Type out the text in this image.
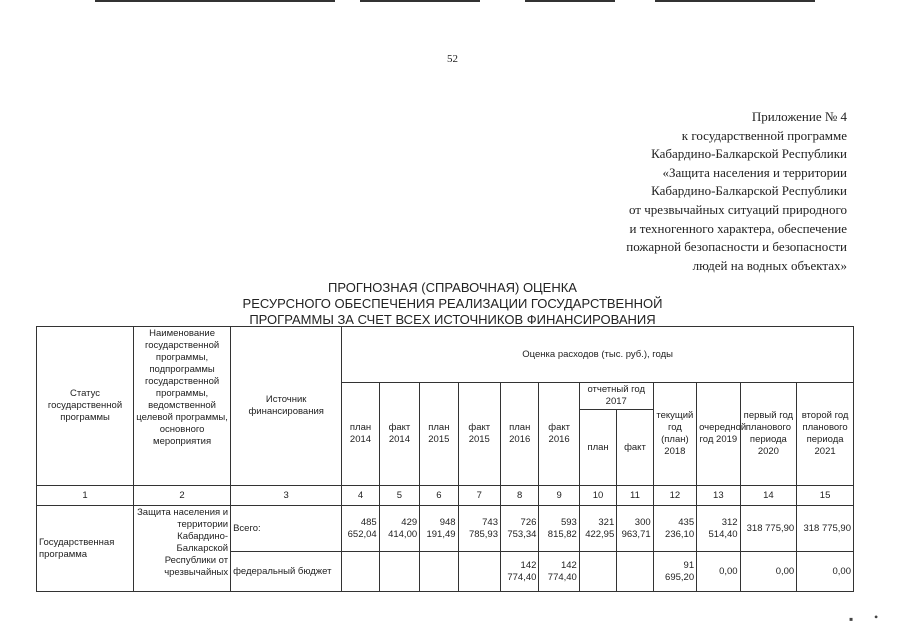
52
Приложение № 4
к государственной программе
Кабардино-Балкарской Республики
«Защита населения и территории
Кабардино-Балкарской Республики
от чрезвычайных ситуаций природного
и техногенного характера, обеспечение
пожарной безопасности и безопасности
людей на водных объектах»
ПРОГНОЗНАЯ (СПРАВОЧНАЯ) ОЦЕНКА
РЕСУРСНОГО ОБЕСПЕЧЕНИЯ РЕАЛИЗАЦИИ ГОСУДАРСТВЕННОЙ
ПРОГРАММЫ ЗА СЧЕТ ВСЕХ ИСТОЧНИКОВ ФИНАНСИРОВАНИЯ
Статус государственной программы	Наименование государственной программы, подпрограммы государственной программы, ведомственной целевой программы, основного мероприятия	Источник финансирования	Оценка расходов (тыс. руб.), годы											
			план 2014	факт 2014	план 2015	факт 2015	план 2016	факт 2016	отчетный год 2017		текущий год (план) 2018	очередной год 2019	первый год планового периода 2020	второй год планового периода 2021
									план	факт				
1	2	3	4	5	6	7	8	9	10	11	12	13	14	15
Государственная программа	Защита населения и территории Кабардино-Балкарской Республики от чрезвычайных	Всего:	485 652,04	429 414,00	948 191,49	743 785,93	726 753,34	593 815,82	321 422,95	300 963,71	435 236,10	312 514,40	318 775,90	318 775,90
		федеральный бюджет					142 774,40	142 774,40			91 695,20	0,00	0,00	0,00
▪ •
